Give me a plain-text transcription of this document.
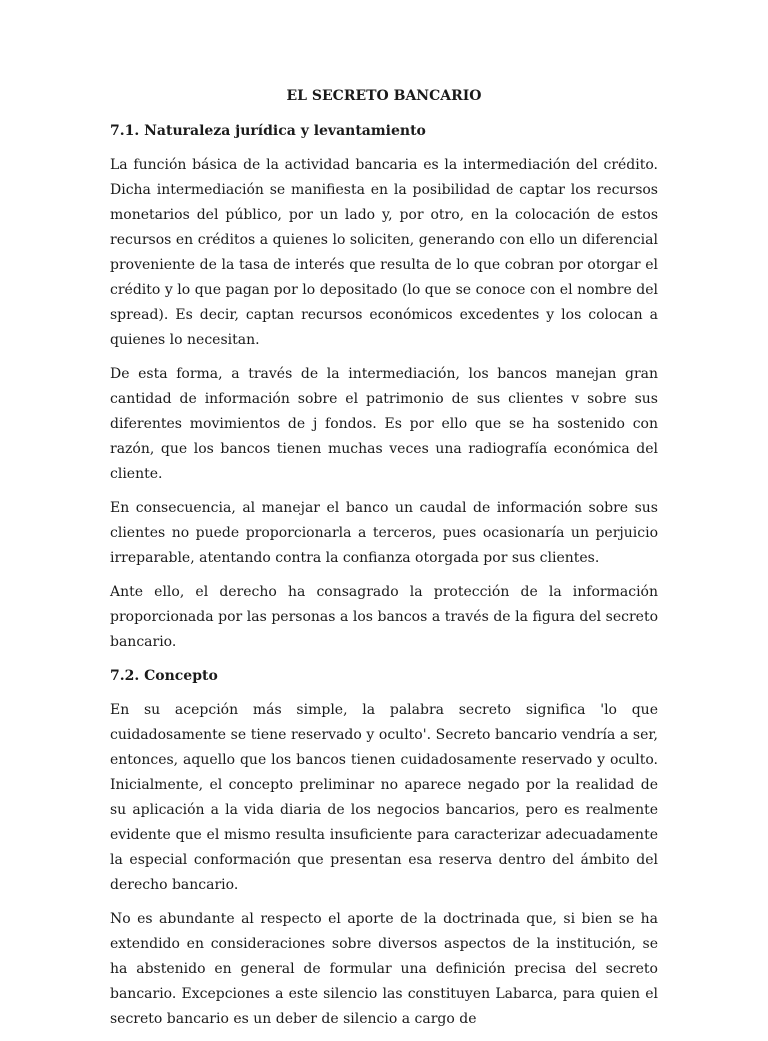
EL SECRETO BANCARIO
7.1. Naturaleza jurídica y levantamiento

La función básica de la actividad bancaria es la intermediación del crédito. Dicha intermediación se manifiesta en la posibilidad de captar los recursos monetarios del público, por un lado y, por otro, en la colocación de estos recursos en créditos a quienes lo soliciten, generando con ello un diferencial proveniente de la tasa de interés que resulta de lo que cobran por otorgar el crédito y lo que pagan por lo depositado (lo que se conoce con el nombre del spread). Es decir, captan recursos económicos excedentes y los colocan a quienes lo necesitan.

De esta forma, a través de la intermediación, los bancos manejan gran cantidad de información sobre el patrimonio de sus clientes v sobre sus diferentes movimientos de j fondos. Es por ello que se ha sostenido con razón, que los bancos tienen muchas veces una radiografía económica del cliente.

En consecuencia, al manejar el banco un caudal de información sobre sus clientes no puede proporcionarla a terceros, pues ocasionaría un perjuicio irreparable, atentando contra la confianza otorgada por sus clientes.

Ante ello, el derecho ha consagrado la protección de la información proporcionada por las personas a los bancos a través de la figura del secreto bancario.

7.2. Concepto

En su acepción más simple, la palabra secreto significa 'lo que cuidadosamente se tiene reservado y oculto'. Secreto bancario vendría a ser, entonces, aquello que los bancos tienen cuidadosamente reservado y oculto. Inicialmente, el concepto preliminar no aparece negado por la realidad de su aplicación a la vida diaria de los negocios bancarios, pero es realmente evidente que el mismo resulta insuficiente para caracterizar adecuadamente la especial conformación que presentan esa reserva dentro del ámbito del derecho bancario.

No es abundante al respecto el aporte de la doctrinada que, si bien se ha extendido en consideraciones sobre diversos aspectos de la institución, se ha abstenido en general de formular una definición precisa del secreto bancario. Excepciones a este silencio las constituyen Labarca, para quien el secreto bancario es un deber de silencio a cargo de
